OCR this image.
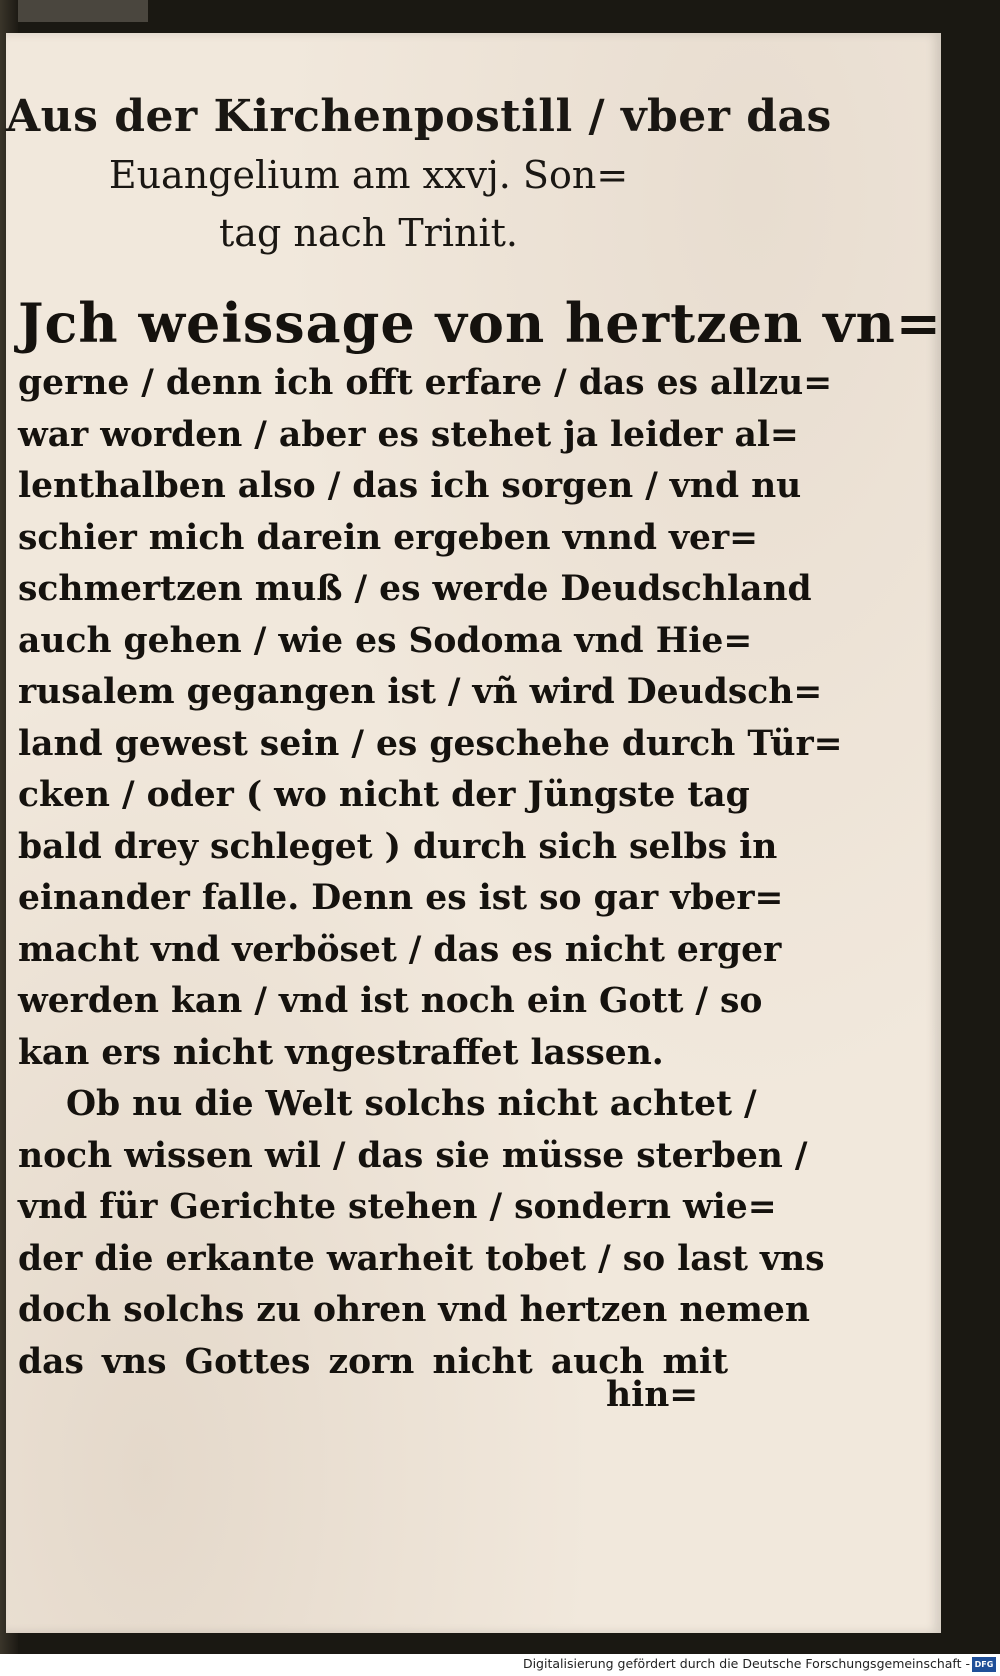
Aus der Kirchenpostill / vber das
Euangelium am xxvj. Son=
tag nach Trinit.
Jch weissage von hertzen vn=
gerne / denn ich offt erfare / das es allzu=
war worden / aber es stehet ja leider al=
lenthalben also / das ich sorgen / vnd nu
schier mich darein ergeben vnnd ver=
schmertzen muß / es werde Deudschland
auch gehen / wie es Sodoma vnd Hie=
rusalem gegangen ist / vñ wird Deudsch=
land gewest sein / es geschehe durch Tür=
cken / oder ( wo nicht der Jüngste tag
bald drey schleget ) durch sich selbs in
einander falle. Denn es ist so gar vber=
macht vnd verböset / das es nicht erger
werden kan / vnd ist noch ein Gott / so
kan ers nicht vngestraffet lassen.
Ob nu die Welt solchs nicht achtet /
noch wissen wil / das sie müsse sterben /
vnd für Gerichte stehen / sondern wie=
der die erkante warheit tobet / so last vns
doch solchs zu ohren vnd hertzen nemen
das vns Gottes zorn nicht auch mit
hin=
Digitalisierung gefördert durch die Deutsche Forschungsgemeinschaft - DFG
